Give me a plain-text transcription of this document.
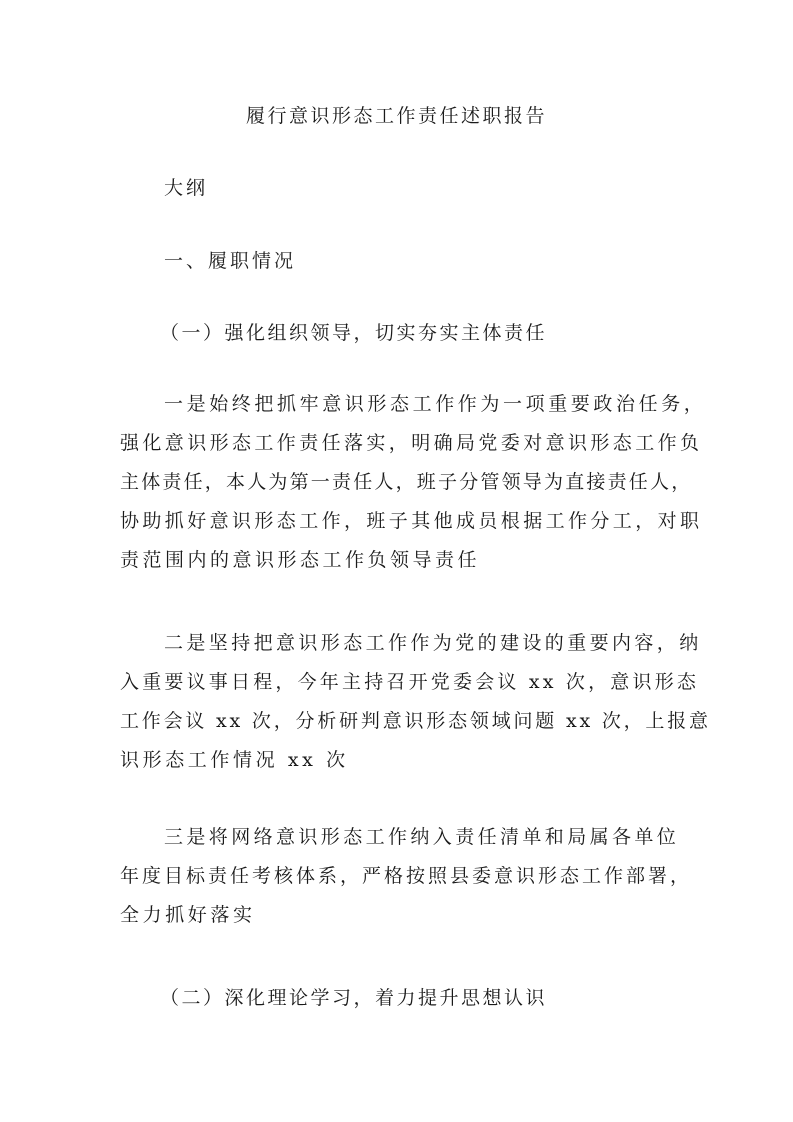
履行意识形态工作责任述职报告
大纲
一、履职情况
（一）强化组织领导，切实夯实主体责任
一是始终把抓牢意识形态工作作为一项重要政治任务，
强化意识形态工作责任落实，明确局党委对意识形态工作负
主体责任，本人为第一责任人，班子分管领导为直接责任人，
协助抓好意识形态工作，班子其他成员根据工作分工，对职
责范围内的意识形态工作负领导责任
二是坚持把意识形态工作作为党的建设的重要内容，纳
入重要议事日程，今年主持召开党委会议 xx 次，意识形态
工作会议 xx 次，分析研判意识形态领域问题 xx 次，上报意
识形态工作情况 xx 次
三是将网络意识形态工作纳入责任清单和局属各单位
年度目标责任考核体系，严格按照县委意识形态工作部署，
全力抓好落实
（二）深化理论学习，着力提升思想认识
